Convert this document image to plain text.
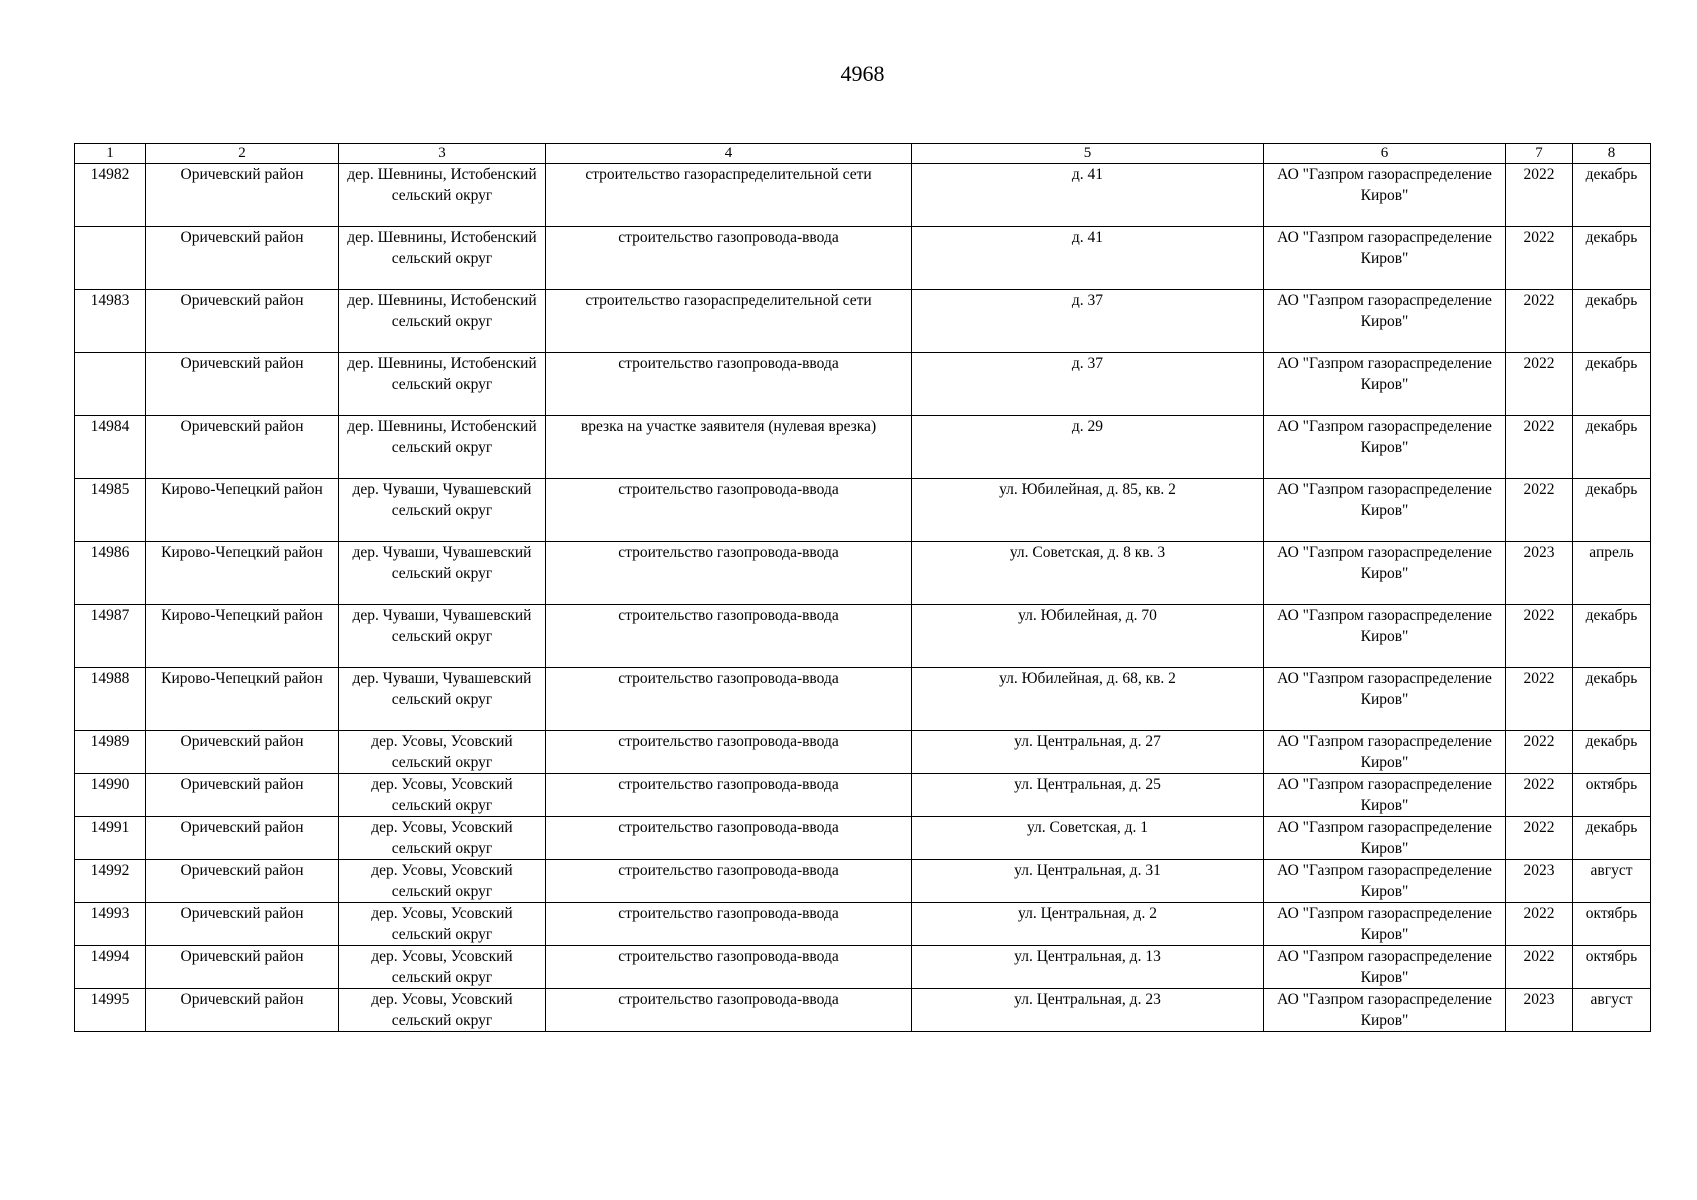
4968
1	2	3	4	5	6	7	8
14982	Оричевский район	дер. Шевнины, Истобенский сельский округ	строительство газораспределительной сети	д. 41	АО "Газпром газораспределение Киров"	2022	декабрь
	Оричевский район	дер. Шевнины, Истобенский сельский округ	строительство газопровода-ввода	д. 41	АО "Газпром газораспределение Киров"	2022	декабрь
14983	Оричевский район	дер. Шевнины, Истобенский сельский округ	строительство газораспределительной сети	д. 37	АО "Газпром газораспределение Киров"	2022	декабрь
	Оричевский район	дер. Шевнины, Истобенский сельский округ	строительство газопровода-ввода	д. 37	АО "Газпром газораспределение Киров"	2022	декабрь
14984	Оричевский район	дер. Шевнины, Истобенский сельский округ	врезка на участке заявителя (нулевая врезка)	д. 29	АО "Газпром газораспределение Киров"	2022	декабрь
14985	Кирово-Чепецкий район	дер. Чуваши, Чувашевский сельский округ	строительство газопровода-ввода	ул. Юбилейная, д. 85, кв. 2	АО "Газпром газораспределение Киров"	2022	декабрь
14986	Кирово-Чепецкий район	дер. Чуваши, Чувашевский сельский округ	строительство газопровода-ввода	ул. Советская, д. 8 кв. 3	АО "Газпром газораспределение Киров"	2023	апрель
14987	Кирово-Чепецкий район	дер. Чуваши, Чувашевский сельский округ	строительство газопровода-ввода	ул. Юбилейная, д. 70	АО "Газпром газораспределение Киров"	2022	декабрь
14988	Кирово-Чепецкий район	дер. Чуваши, Чувашевский сельский округ	строительство газопровода-ввода	ул. Юбилейная, д. 68, кв. 2	АО "Газпром газораспределение Киров"	2022	декабрь
14989	Оричевский район	дер. Усовы, Усовский сельский округ	строительство газопровода-ввода	ул. Центральная, д. 27	АО "Газпром газораспределение Киров"	2022	декабрь
14990	Оричевский район	дер. Усовы, Усовский сельский округ	строительство газопровода-ввода	ул. Центральная, д. 25	АО "Газпром газораспределение Киров"	2022	октябрь
14991	Оричевский район	дер. Усовы, Усовский сельский округ	строительство газопровода-ввода	ул. Советская, д. 1	АО "Газпром газораспределение Киров"	2022	декабрь
14992	Оричевский район	дер. Усовы, Усовский сельский округ	строительство газопровода-ввода	ул. Центральная, д. 31	АО "Газпром газораспределение Киров"	2023	август
14993	Оричевский район	дер. Усовы, Усовский сельский округ	строительство газопровода-ввода	ул. Центральная, д. 2	АО "Газпром газораспределение Киров"	2022	октябрь
14994	Оричевский район	дер. Усовы, Усовский сельский округ	строительство газопровода-ввода	ул. Центральная, д. 13	АО "Газпром газораспределение Киров"	2022	октябрь
14995	Оричевский район	дер. Усовы, Усовский сельский округ	строительство газопровода-ввода	ул. Центральная, д. 23	АО "Газпром газораспределение Киров"	2023	август
